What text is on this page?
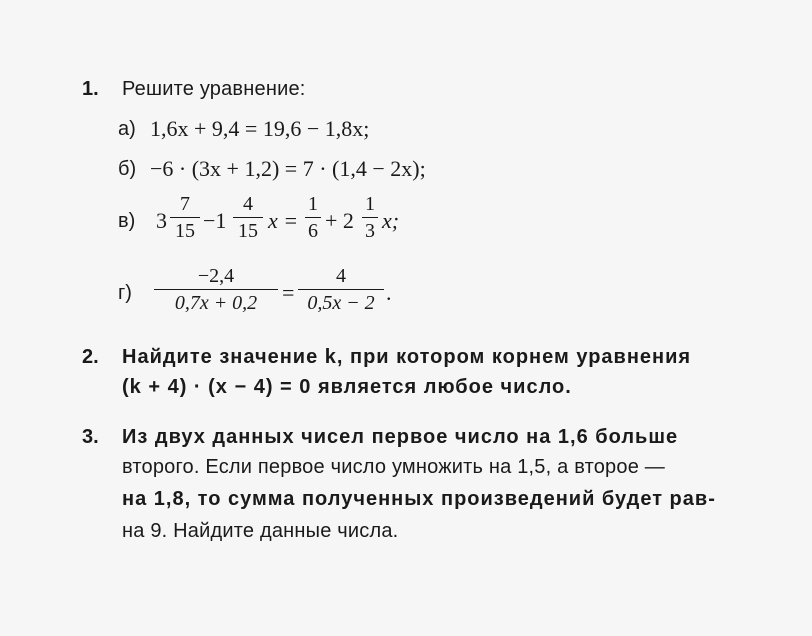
1. Решите уравнение:
а) 1,6x + 9,4 = 19,6 − 1,8x;
б) −6 · (3x + 1,2) = 7 · (1,4 − 2x);
в) 3
7
15 −1
4
15 x =
1
6 + 2
1
3 x;
г)
−2,4
0,7x + 0,2	=
4
0,5x − 2 .
2. Найдите значение k, при котором корнем уравнения
(k + 4) · (x − 4) = 0 является любое число.
3. Из двух данных чисел первое число на 1,6 больше
второго. Если первое число умножить на 1,5, а второе —
на 1,8, то сумма полученных произведений будет рав-
на 9. Найдите данные числа.
